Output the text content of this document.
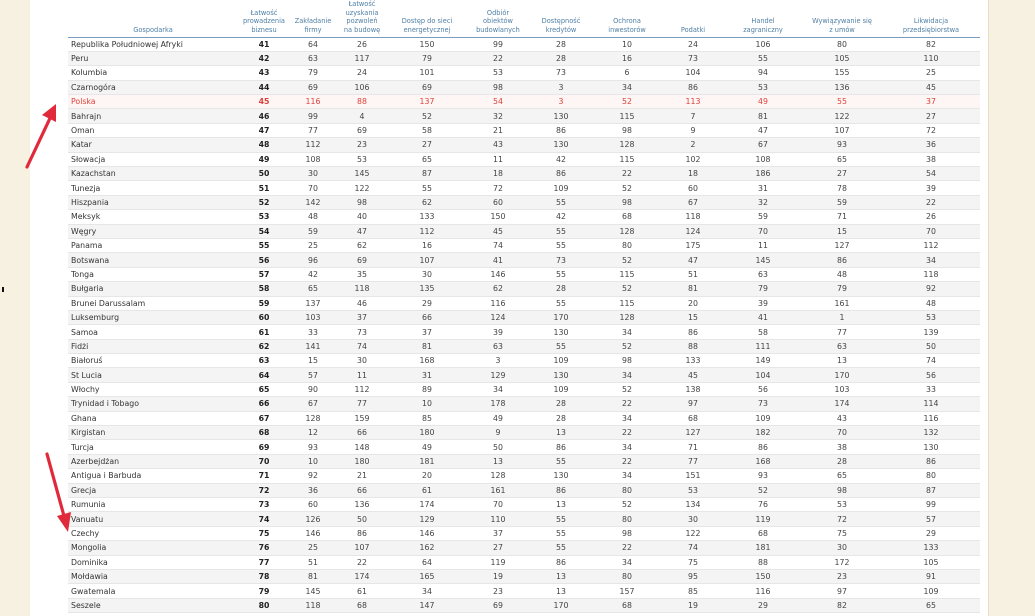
Gospodarka	Łatwość
prowadzenia
biznesu	Zakładanie
firmy	Łatwość
uzyskania
pozwoleń
na budowę	Dostęp do sieci
energetycznej	Odbiór
obiektów
budowlanych	Dostępność
kredytów	Ochrona
inwestorów	Podatki	Handel
zagraniczny	Wywiązywanie się
z umów	Likwidacja
przedsiębiorstwa
Republika Południowej Afryki	41	64	26	150	99	28	10	24	106	80	82
Peru	42	63	117	79	22	28	16	73	55	105	110
Kolumbia	43	79	24	101	53	73	6	104	94	155	25
Czarnogóra	44	69	106	69	98	3	34	86	53	136	45
Polska	45	116	88	137	54	3	52	113	49	55	37
Bahrajn	46	99	4	52	32	130	115	7	81	122	27
Oman	47	77	69	58	21	86	98	9	47	107	72
Katar	48	112	23	27	43	130	128	2	67	93	36
Słowacja	49	108	53	65	11	42	115	102	108	65	38
Kazachstan	50	30	145	87	18	86	22	18	186	27	54
Tunezja	51	70	122	55	72	109	52	60	31	78	39
Hiszpania	52	142	98	62	60	55	98	67	32	59	22
Meksyk	53	48	40	133	150	42	68	118	59	71	26
Węgry	54	59	47	112	45	55	128	124	70	15	70
Panama	55	25	62	16	74	55	80	175	11	127	112
Botswana	56	96	69	107	41	73	52	47	145	86	34
Tonga	57	42	35	30	146	55	115	51	63	48	118
Bułgaria	58	65	118	135	62	28	52	81	79	79	92
Brunei Darussalam	59	137	46	29	116	55	115	20	39	161	48
Luksemburg	60	103	37	66	124	170	128	15	41	1	53
Samoa	61	33	73	37	39	130	34	86	58	77	139
Fidżi	62	141	74	81	63	55	52	88	111	63	50
Białoruś	63	15	30	168	3	109	98	133	149	13	74
St Lucia	64	57	11	31	129	130	34	45	104	170	56
Włochy	65	90	112	89	34	109	52	138	56	103	33
Trynidad i Tobago	66	67	77	10	178	28	22	97	73	174	114
Ghana	67	128	159	85	49	28	34	68	109	43	116
Kirgistan	68	12	66	180	9	13	22	127	182	70	132
Turcja	69	93	148	49	50	86	34	71	86	38	130
Azerbejdżan	70	10	180	181	13	55	22	77	168	28	86
Antigua i Barbuda	71	92	21	20	128	130	34	151	93	65	80
Grecja	72	36	66	61	161	86	80	53	52	98	87
Rumunia	73	60	136	174	70	13	52	134	76	53	99
Vanuatu	74	126	50	129	110	55	80	30	119	72	57
Czechy	75	146	86	146	37	55	98	122	68	75	29
Mongolia	76	25	107	162	27	55	22	74	181	30	133
Dominika	77	51	22	64	119	86	34	75	88	172	105
Mołdawia	78	81	174	165	19	13	80	95	150	23	91
Gwatemala	79	145	61	34	23	13	157	85	116	97	109
Seszele	80	118	68	147	69	170	68	19	29	82	65
